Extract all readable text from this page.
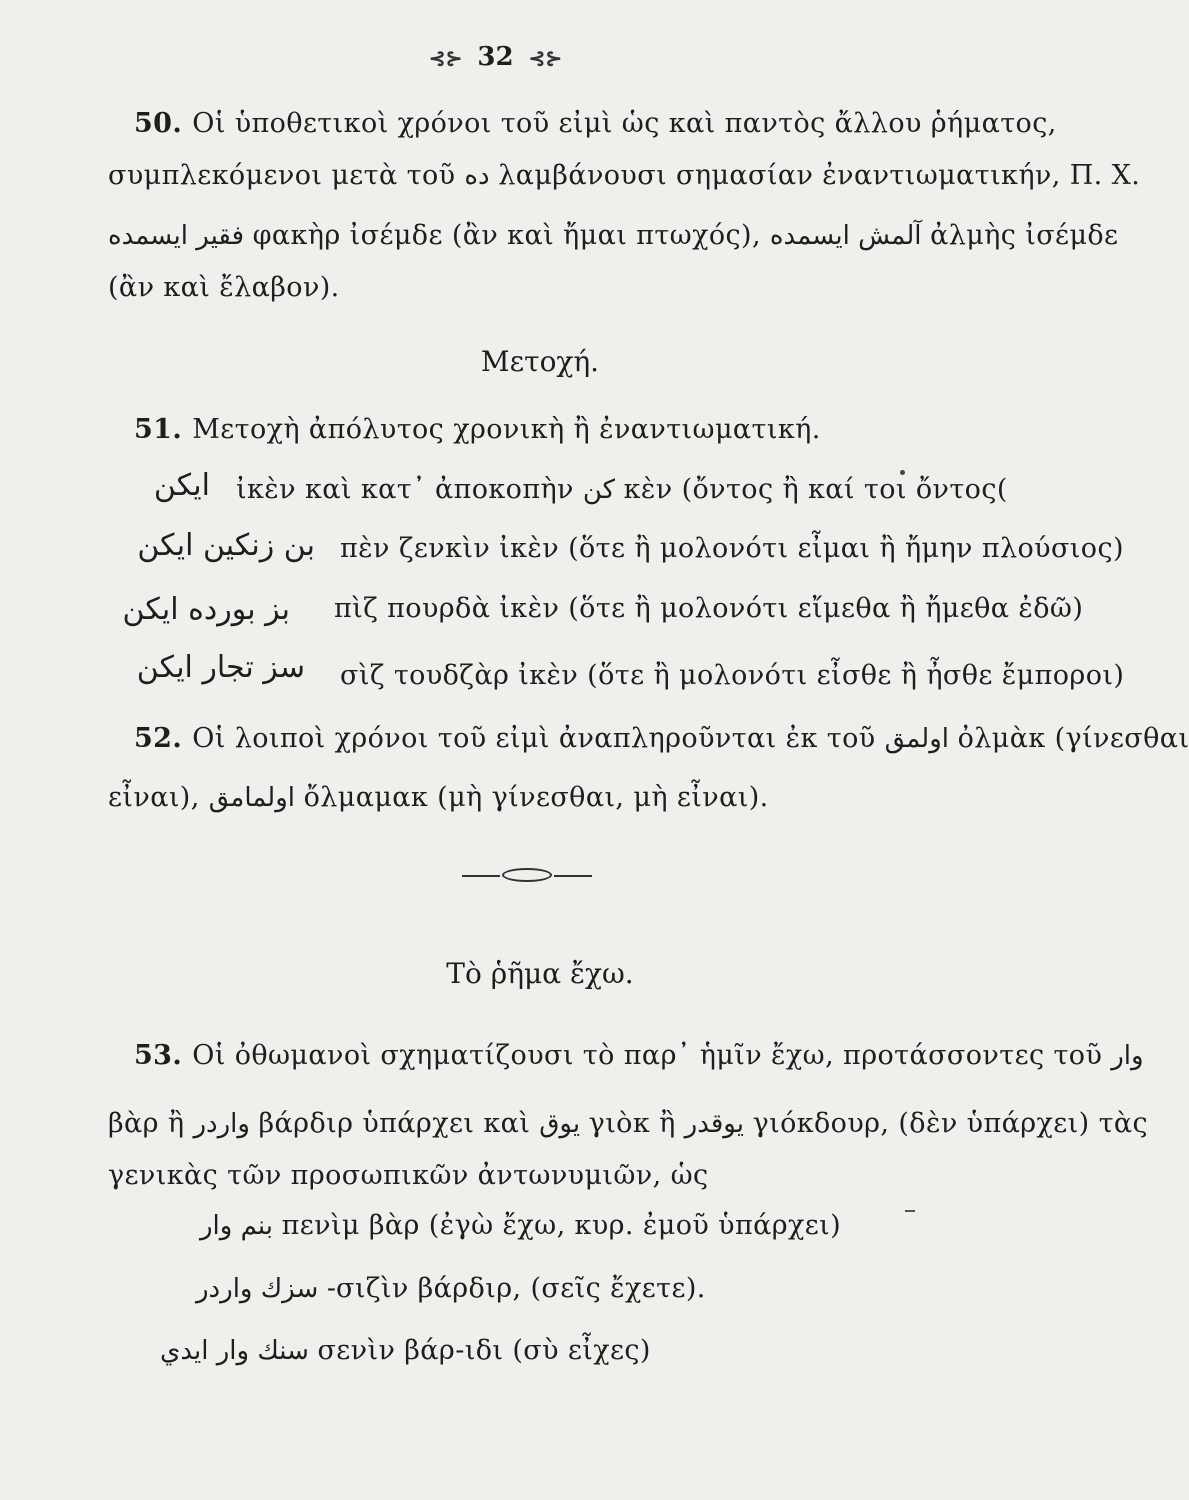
⊰⊱ 32 ⊰⊱
50. Οἱ ὑποθετικοὶ χρόνοι τοῦ εἰμὶ ὡς καὶ παντὸς ἄλλου ῥήματος,
συμπλεκόμενοι μετὰ τοῦ ده λαμβάνουσι σημασίαν ἐναντιωματικήν, Π. Χ.
فقير ايسمده φακὴρ ἰσέμδε (ἂν καὶ ἤμαι πτωχός), آلمش ايسمده ἀλμὴς ἰσέμδε
(ἂν καὶ ἔλαβον).
Μετοχή.
51. Μετοχὴ ἀπόλυτος χρονικὴ ἢ ἐναντιωματική.
ايكن ἰκὲν καὶ κατ᾽ ἀποκοπὴν كن κὲν (ὄντος ἢ καί τοι ὄντος(
بن زنكين ايكن πὲν ζενκὶν ἰκὲν (ὅτε ἢ μολονότι εἶμαι ἢ ἤμην πλούσιος)
بز بورده ايكن πὶζ πουρδὰ ἰκὲν (ὅτε ἢ μολονότι εἴμεθα ἢ ἤμεθα ἐδῶ)
سز تجار ايكن σὶζ τουδζὰρ ἰκὲν (ὅτε ἢ μολονότι εἶσθε ἢ ἦσθε ἔμποροι)
52. Οἱ λοιποὶ χρόνοι τοῦ εἰμὶ ἀναπληροῦνται ἐκ τοῦ اولمق ὀλμὰκ (γίνεσθαι
εἶναι), اولمامق ὄλμαμακ (μὴ γίνεσθαι, μὴ εἶναι).
Τὸ ῥῆμα ἔχω.
53. Οἱ ὀθωμανοὶ σχηματίζουσι τὸ παρ᾽ ἡμῖν ἔχω, προτάσσοντες τοῦ وار
βὰρ ἢ واردر βάρδιρ ὑπάρχει καὶ يوق γιὸκ ἢ يوقدر γιόκδουρ, (δὲν ὑπάρχει) τὰς
γενικὰς τῶν προσωπικῶν ἀντωνυμιῶν, ὡς
بنم وار πενὶμ βὰρ (ἐγὼ ἔχω, κυρ. ἐμοῦ ὑπάρχει)
سزك واردر -σιζὶν βάρδιρ, (σεῖς ἔχετε).
سنك وار ايدي σενὶν βάρ-ιδι (σὺ εἶχες)
